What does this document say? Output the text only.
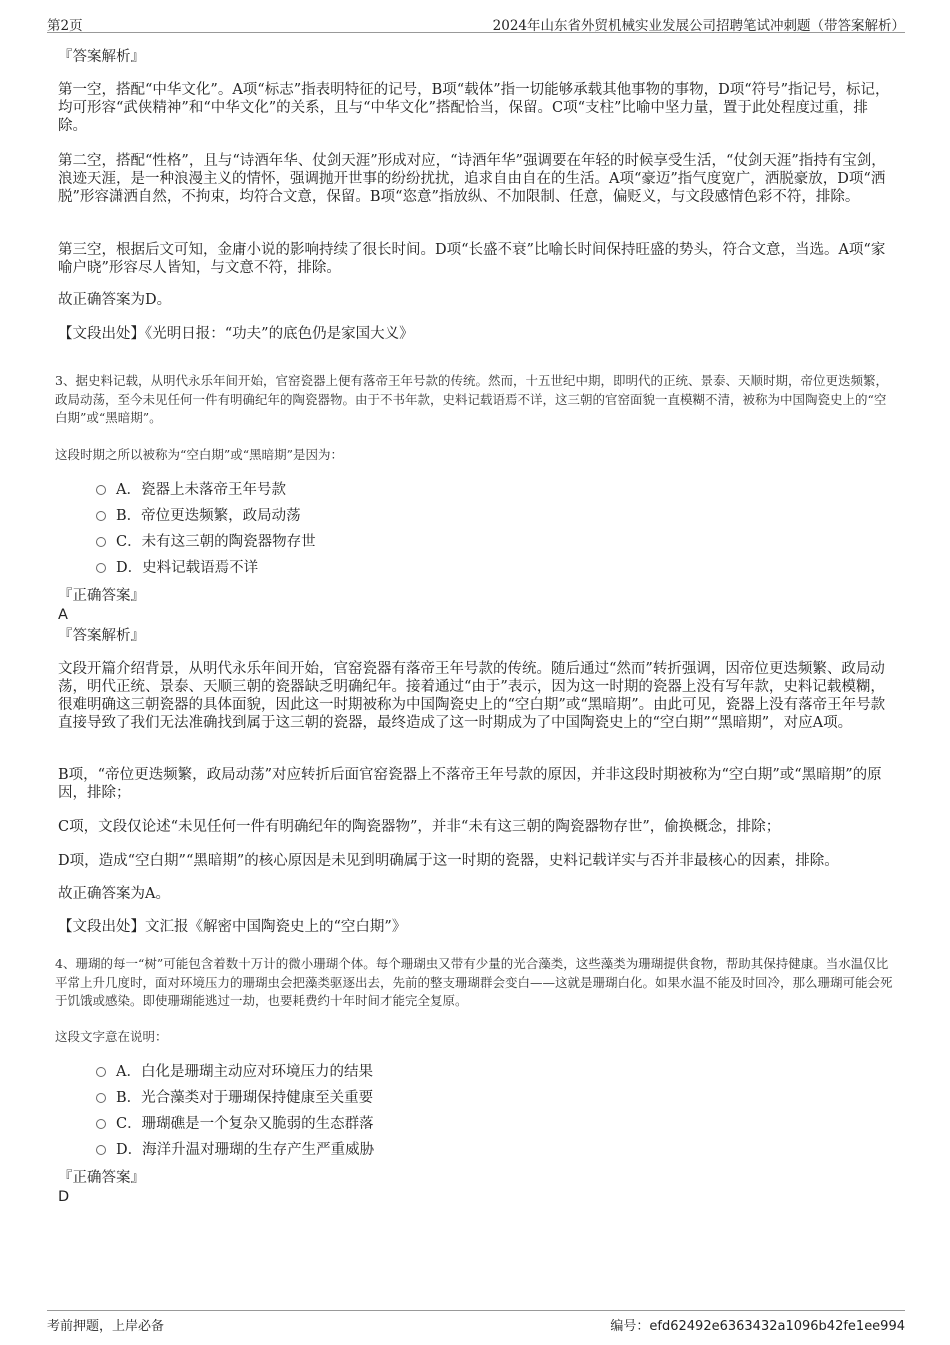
第2页	2024年山东省外贸机械实业发展公司招聘笔试冲刺题（带答案解析）

『答案解析』

第一空，搭配“中华文化”。A项“标志”指表明特征的记号，B项“载体”指一切能够承载其他事物的事物，D项“符号”指记号，标记，均可形容“武侠精神”和“中华文化”的关系，且与“中华文化”搭配恰当，保留。C项“支柱”比喻中坚力量，置于此处程度过重，排除。

第二空，搭配“性格”，且与“诗酒年华、仗剑天涯”形成对应，“诗酒年华”强调要在年轻的时候享受生活，“仗剑天涯”指持有宝剑，浪迹天涯，是一种浪漫主义的情怀，强调抛开世事的纷纷扰扰，追求自由自在的生活。A项“豪迈”指气度宽广，洒脱豪放，D项“洒脱”形容潇洒自然，不拘束，均符合文意，保留。B项“恣意”指放纵、不加限制、任意，偏贬义，与文段感情色彩不符，排除。

第三空，根据后文可知，金庸小说的影响持续了很长时间。D项“长盛不衰”比喻长时间保持旺盛的势头，符合文意，当选。A项“家喻户晓”形容尽人皆知，与文意不符，排除。

故正确答案为D。

【文段出处】《光明日报：“功夫”的底色仍是家国大义》

3、据史料记载，从明代永乐年间开始，官窑瓷器上便有落帝王年号款的传统。然而，十五世纪中期，即明代的正统、景泰、天顺时期，帝位更迭频繁，政局动荡，至今未见任何一件有明确纪年的陶瓷器物。由于不书年款，史料记载语焉不详，这三朝的官窑面貌一直模糊不清，被称为中国陶瓷史上的“空白期”或“黑暗期”。

这段时期之所以被称为“空白期”或“黑暗期”是因为：

A．瓷器上未落帝王年号款
B．帝位更迭频繁，政局动荡
C．未有这三朝的陶瓷器物存世
D．史料记载语焉不详

『正确答案』

A

『答案解析』

文段开篇介绍背景，从明代永乐年间开始，官窑瓷器有落帝王年号款的传统。随后通过“然而”转折强调，因帝位更迭频繁、政局动荡，明代正统、景泰、天顺三朝的瓷器缺乏明确纪年。接着通过“由于”表示，因为这一时期的瓷器上没有写年款，史料记载模糊，很难明确这三朝瓷器的具体面貌，因此这一时期被称为中国陶瓷史上的“空白期”或“黑暗期”。由此可见，瓷器上没有落帝王年号款直接导致了我们无法准确找到属于这三朝的瓷器，最终造成了这一时期成为了中国陶瓷史上的“空白期”“黑暗期”，对应A项。

B项，“帝位更迭频繁，政局动荡”对应转折后面官窑瓷器上不落帝王年号款的原因，并非这段时期被称为“空白期”或“黑暗期”的原因，排除；

C项，文段仅论述“未见任何一件有明确纪年的陶瓷器物”，并非“未有这三朝的陶瓷器物存世”，偷换概念，排除；

D项，造成“空白期”“黑暗期”的核心原因是未见到明确属于这一时期的瓷器，史料记载详实与否并非最核心的因素，排除。

故正确答案为A。

【文段出处】文汇报《解密中国陶瓷史上的“空白期”》

4、珊瑚的每一“树”可能包含着数十万计的微小珊瑚个体。每个珊瑚虫又带有少量的光合藻类，这些藻类为珊瑚提供食物，帮助其保持健康。当水温仅比平常上升几度时，面对环境压力的珊瑚虫会把藻类驱逐出去，先前的整支珊瑚群会变白——这就是珊瑚白化。如果水温不能及时回冷，那么珊瑚可能会死于饥饿或感染。即使珊瑚能逃过一劫，也要耗费约十年时间才能完全复原。

这段文字意在说明：

A．白化是珊瑚主动应对环境压力的结果
B．光合藻类对于珊瑚保持健康至关重要
C．珊瑚礁是一个复杂又脆弱的生态群落
D．海洋升温对珊瑚的生存产生严重威胁

『正确答案』

D

考前押题，上岸必备	编号：efd62492e6363432a1096b42fe1ee994
